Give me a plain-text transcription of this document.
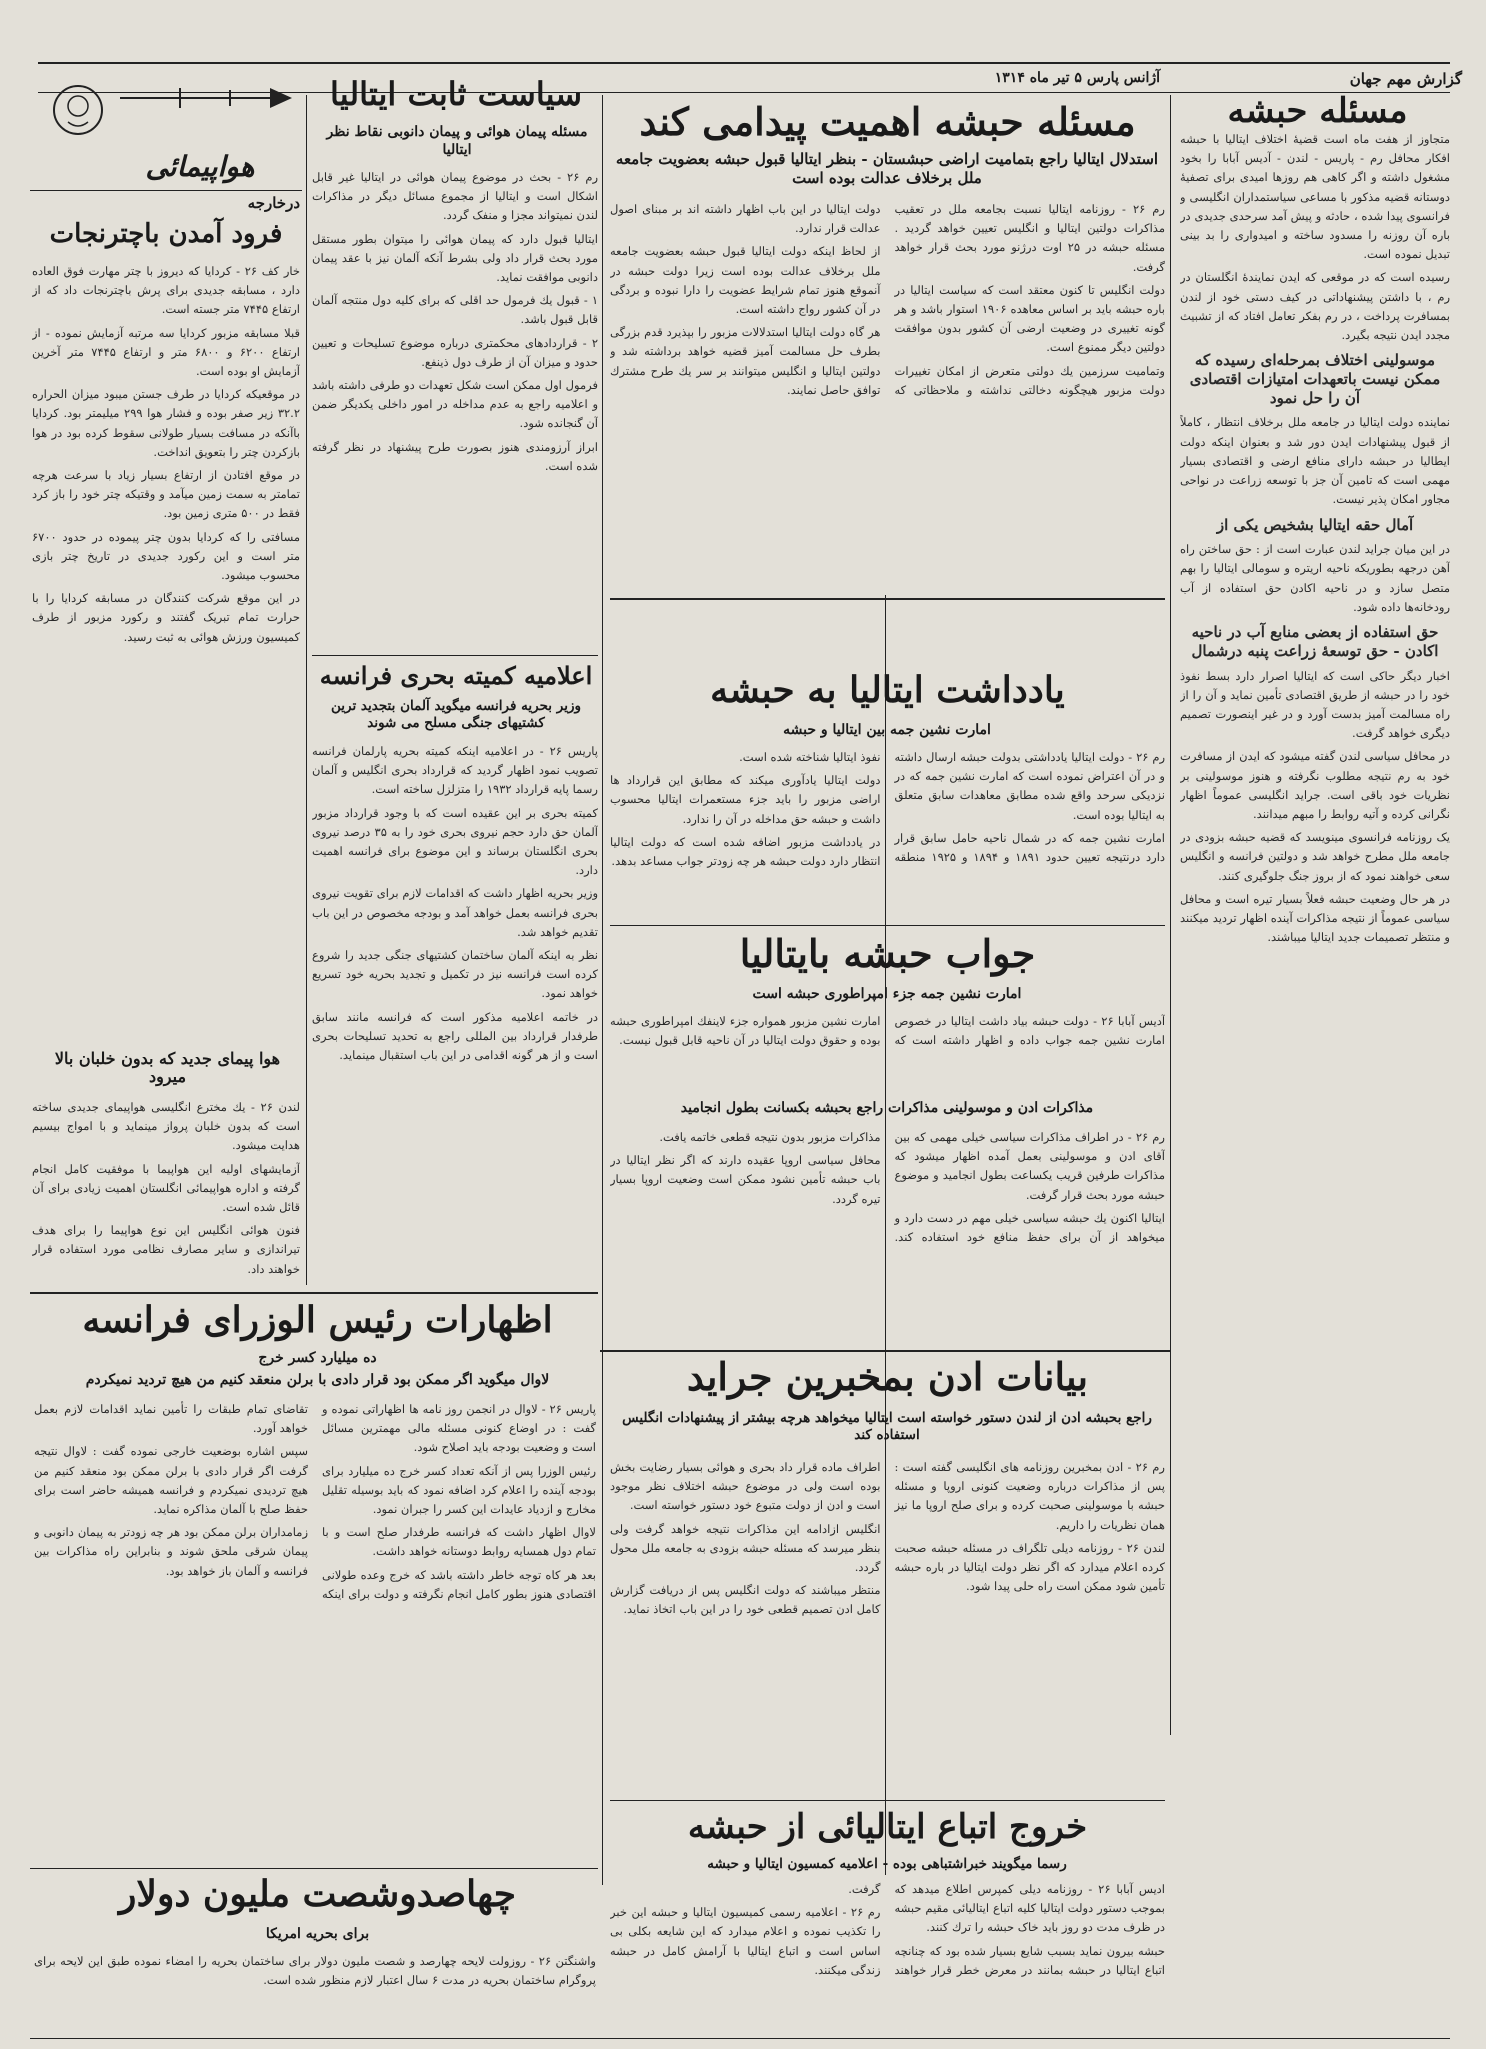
گزارش مهم جهان
آژانس پارس ۵ تیر ماه ۱۳۱۴
مسئله حبشه

متجاوز از هفت ماه است قضیهٔ اختلاف ایتالیا با حبشه افکار محافل رم - پاریس - لندن - آدیس آبابا را بخود مشغول داشته و اگر کاهی هم روزها امیدی برای تصفیهٔ دوستانه قضیه مذکور با مساعی سیاستمداران انگلیسی و فرانسوی پیدا شده ، حادثه و پیش آمد سرحدی جدیدی در باره آن روزنه را مسدود ساخته و امیدواری را بد بینی تبدیل نموده است.

رسیده است که در موقعی که ایدن نمایندهٔ انگلستان در رم ، با داشتن پیشنهاداتی در کیف دستی خود از لندن بمسافرت پرداخت ، در رم بفکر تعامل افتاد که از تشبیث مجدد ایدن نتیجه بگیرد.

موسولینی اختلاف بمرحله‌ای رسیده که ممکن نیست باتعهدات امتیازات اقتصادی آن را حل نمود

نماینده دولت ایتالیا در جامعه ملل برخلاف انتظار ، کاملاً از قبول پیشنهادات ایدن دور شد و بعنوان اینکه دولت ایطالیا در حبشه دارای منافع ارضی و اقتصادی بسیار مهمی است که تامین آن جز با توسعه زراعت در نواحی مجاور امکان پذیر نیست.

آمال حقه ایتالیا بشخیص یکی از

در این میان جراید لندن عبارت است از : حق ساختن راه آهن درجهه بطوریکه ناحیه اریتره و سومالی ایتالیا را بهم متصل سازد و در ناحیه اکادن حق استفاده از آب رودخانه‌ها داده شود.

حق استفاده از بعضی منابع آب در ناحیه اکادن - حق توسعهٔ زراعت پنبه درشمال

اخبار دیگر حاکی است که ایتالیا اصرار دارد بسط نفوذ خود را در حبشه از طریق اقتصادی تأمین نماید و آن را از راه مسالمت آمیز بدست آورد و در غیر اینصورت تصمیم دیگری خواهد گرفت.

در محافل سیاسی لندن گفته میشود که ایدن از مسافرت خود به رم نتیجه مطلوب نگرفته و هنوز موسولینی بر نظریات خود باقی است. جراید انگلیسی عموماً اظهار نگرانی کرده و آتیه روابط را مبهم میدانند.

یک روزنامه فرانسوی مینویسد که قضیه حبشه بزودی در جامعه ملل مطرح خواهد شد و دولتین فرانسه و انگلیس سعی خواهند نمود که از بروز جنگ جلوگیری کنند.

در هر حال وضعیت حبشه فعلاً بسیار تیره است و محافل سیاسی عموماً از نتیجه مذاکرات آینده اظهار تردید میکنند و منتظر تصمیمات جدید ایتالیا میباشند.

مسئله حبشه اهمیت پیدامی کند
استدلال ایتالیا راجع بتمامیت اراضی حبشستان - بنظر ایتالیا قبول حبشه بعضویت جامعه ملل برخلاف عدالت بوده است

رم ۲۶ - روزنامه ایتالیا نسبت بجامعه ملل در تعقیب مذاکرات دولتین ایتالیا و انگلیس تعیین خواهد گردید . مسئله حبشه در ۲۵ اوت درژنو مورد بحث قرار خواهد گرفت.

دولت انگلیس تا کنون معتقد است که سیاست ایتالیا در باره حبشه باید بر اساس معاهده ۱۹۰۶ استوار باشد و هر گونه تغییری در وضعیت ارضی آن کشور بدون موافقت دولتین دیگر ممنوع است.

وتمامیت سرزمین یك دولتی متعرض از امکان تغییرات دولت مزبور هیچگونه دخالتی نداشته و ملاحظاتی که دولت ایتالیا در این باب اظهار داشته اند بر مبنای اصول عدالت قرار ندارد.

از لحاظ اینکه دولت ایتالیا قبول حبشه بعضویت جامعه ملل برخلاف عدالت بوده است زیرا دولت حبشه در آنموقع هنوز تمام شرایط عضویت را دارا نبوده و بردگی در آن کشور رواج داشته است.

هر گاه دولت ایتالیا استدلالات مزبور را بپذیرد قدم بزرگی بطرف حل مسالمت آمیز قضیه خواهد برداشته شد و دولتین ایتالیا و انگلیس میتوانند بر سر یك طرح مشترك توافق حاصل نمایند.

سیاست ثابت ایتالیا
مسئله پیمان هوائی و پیمان دانوبی نقاط نظر ایتالیا

رم ۲۶ - بحث در موضوع پیمان هوائی در ایتالیا غیر قابل اشکال است و ایتالیا از مجموع مسائل دیگر در مذاکرات لندن نمیتواند مجزا و منفک گردد.

ایتالیا قبول دارد که پیمان هوائی را میتوان بطور مستقل مورد بحث قرار داد ولی بشرط آنکه آلمان نیز با عقد پیمان دانوبی موافقت نماید.

۱ - قبول یك فرمول حد اقلی که برای کلیه دول منتجه آلمان قابل قبول باشد.

۲ - قراردادهای محکمتری درباره موضوع تسلیحات و تعیین حدود و میزان آن از طرف دول ذینفع.

فرمول اول ممکن است شکل تعهدات دو طرفی داشته باشد و اعلامیه راجع به عدم مداخله در امور داخلی یکدیگر ضمن آن گنجانده شود.

ابراز آرزومندی هنوز بصورت طرح پیشنهاد در نظر گرفته شده است.

اعلامیه کمیته بحری فرانسه
وزیر بحریه فرانسه میگوید آلمان بتجدید ترین کشتیهای جنگی مسلح می شوند

پاریس ۲۶ - در اعلامیه اینکه کمیته بحریه پارلمان فرانسه تصویب نمود اظهار گردید که قرارداد بحری انگلیس و آلمان رسما پایه قرارداد ۱۹۳۲ را متزلزل ساخته است.

کمیته بحری بر این عقیده است که با وجود قرارداد مزبور آلمان حق دارد حجم نیروی بحری خود را به ۳۵ درصد نیروی بحری انگلستان برساند و این موضوع برای فرانسه اهمیت دارد.

وزیر بحریه اظهار داشت که اقدامات لازم برای تقویت نیروی بحری فرانسه بعمل خواهد آمد و بودجه مخصوص در این باب تقدیم خواهد شد.

نظر به اینکه آلمان ساختمان کشتیهای جنگی جدید را شروع کرده است فرانسه نیز در تکمیل و تجدید بحریه خود تسریع خواهد نمود.

در خاتمه اعلامیه مذکور است که فرانسه مانند سابق طرفدار قرارداد بین المللی راجع به تحدید تسلیحات بحری است و از هر گونه اقدامی در این باب استقبال مینماید.

هواپیمائی
درخارجه
فرود آمدن باچترنجات

خار کف ۲۶ - کردایا که دیروز با چتر مهارت فوق العاده دارد ، مسابقه جدیدی برای پرش باچترنجات داد که از ارتفاع ۷۴۴۵ متر جسته است.

قبلا مسابقه مزبور کردایا سه مرتبه آزمایش نموده - از ارتفاع ۶۲۰۰ و ۶۸۰۰ متر و ارتفاع ۷۴۴۵ متر آخرین آزمایش او بوده است.

در موقعیکه کردایا در طرف جستن میبود میزان الحراره ۳۲.۲ زیر صفر بوده و فشار هوا ۲۹۹ میلیمتر بود. کردایا باآنکه در مسافت بسیار طولانی سقوط کرده بود در هوا بازکردن چتر را بتعویق انداخت.

در موقع افتادن از ارتفاع بسیار زیاد با سرعت هرچه تمامتر به سمت زمین میآمد و وقتیکه چتر خود را باز کرد فقط در ۵۰۰ متری زمین بود.

مسافتی را که کردایا بدون چتر پیموده در حدود ۶۷۰۰ متر است و این رکورد جدیدی در تاریخ چتر بازی محسوب میشود.

در این موقع شرکت کنندگان در مسابقه کردایا را با حرارت تمام تبریک گفتند و رکورد مزبور از طرف کمیسیون ورزش هوائی به ثبت رسید.

هوا پیمای جدید که بدون خلبان بالا میرود

لندن ۲۶ - یك مخترع انگلیسی هواپیمای جدیدی ساخته است که بدون خلبان پرواز مینماید و با امواج بیسیم هدایت میشود.

آزمایشهای اولیه این هواپیما با موفقیت کامل انجام گرفته و اداره هواپیمائی انگلستان اهمیت زیادی برای آن قائل شده است.

فنون هوائی انگلیس این نوع هواپیما را برای هدف تیراندازی و سایر مصارف نظامی مورد استفاده قرار خواهند داد.

یادداشت ایتالیا به حبشه
امارت نشین جمه بین ایتالیا و حبشه

رم ۲۶ - دولت ایتالیا یادداشتی بدولت حبشه ارسال داشته و در آن اعتراض نموده است که امارت نشین جمه که در نزدیکی سرحد واقع شده مطابق معاهدات سابق متعلق به ایتالیا بوده است.

امارت نشین جمه که در شمال ناحیه حامل سابق قرار دارد درنتیجه تعیین حدود ۱۸۹۱ و ۱۸۹۴ و ۱۹۲۵ منطقه نفوذ ایتالیا شناخته شده است.

دولت ایتالیا یادآوری میکند که مطابق این قرارداد ها اراضی مزبور را باید جزء مستعمرات ایتالیا محسوب داشت و حبشه حق مداخله در آن را ندارد.

در یادداشت مزبور اضافه شده است که دولت ایتالیا انتظار دارد دولت حبشه هر چه زودتر جواب مساعد بدهد.

جواب حبشه بایتالیا
امارت نشین جمه جزء امپراطوری حبشه است

آدیس آبابا ۲۶ - دولت حبشه بیاد داشت ایتالیا در خصوص امارت نشین جمه جواب داده و اظهار داشته است که امارت نشین مزبور همواره جزء لاینفك امپراطوری حبشه بوده و حقوق دولت ایتالیا در آن ناحیه قابل قبول نیست.

مذاکرات ادن و موسولینی مذاکرات راجع بحبشه بکسانت بطول انجامید

رم ۲۶ - در اطراف مذاکرات سیاسی خیلی مهمی که بین آقای ادن و موسولینی بعمل آمده اظهار میشود که مذاکرات طرفین قریب یکساعت بطول انجامید و موضوع حبشه مورد بحث قرار گرفت.

ایتالیا اکنون یك حبشه سیاسی خیلی مهم در دست دارد و میخواهد از آن برای حفظ منافع خود استفاده کند. مذاکرات مزبور بدون نتیجه قطعی خاتمه یافت.

محافل سیاسی اروپا عقیده دارند که اگر نظر ایتالیا در باب حبشه تأمین نشود ممکن است وضعیت اروپا بسیار تیره گردد.

بیانات ادن بمخبرین جراید
راجع بحبشه ادن از لندن دستور خواسته است ایتالیا میخواهد هرچه بیشتر از پیشنهادات انگلیس استفاده کند

رم ۲۶ - ادن بمخبرین روزنامه های انگلیسی گفته است : پس از مذاکرات درباره وضعیت کنونی اروپا و مسئله حبشه با موسولینی صحبت کرده و برای صلح اروپا ما نیز همان نظریات را داریم.

لندن ۲۶ - روزنامه دیلی تلگراف در مسئله حبشه صحبت کرده اعلام میدارد که اگر نظر دولت ایتالیا در باره حبشه تأمین شود ممکن است راه حلی پیدا شود.

اطراف ماده قرار داد بحری و هوائی بسیار رضایت بخش بوده است ولی در موضوع حبشه اختلاف نظر موجود است و ادن از دولت متبوع خود دستور خواسته است.

انگلیس ازادامه این مذاکرات نتیجه خواهد گرفت ولی بنظر میرسد که مسئله حبشه بزودی به جامعه ملل محول گردد.

منتظر میباشند که دولت انگلیس پس از دریافت گزارش کامل ادن تصمیم قطعی خود را در این باب اتخاذ نماید.

خروج اتباع ایتالیائی از حبشه
رسما میگویند خبراشتباهی بوده - اعلامیه کمسیون ایتالیا و حبشه

ادیس آبابا ۲۶ - روزنامه دیلی کمپرس اطلاع میدهد که بموجب دستور دولت ایتالیا کلیه اتباع ایتالیائی مقیم حبشه در ظرف مدت دو روز باید خاک حبشه را ترك کنند.

حبشه بیرون نماید بسبب شایع بسیار شده بود که چنانچه اتباع ایتالیا در حبشه بمانند در معرض خطر قرار خواهند گرفت.

رم ۲۶ - اعلامیه رسمی کمیسیون ایتالیا و حبشه این خبر را تکذیب نموده و اعلام میدارد که این شایعه بکلی بی اساس است و اتباع ایتالیا با آرامش کامل در حبشه زندگی میکنند.

اظهارات رئیس الوزرای فرانسه
ده میلیارد کسر خرج
لاوال میگوید اگر ممکن بود قرار دادی با برلن منعقد کنیم من هیچ تردید نمیکردم

پاریس ۲۶ - لاوال در انجمن روز نامه ها اظهاراتی نموده و گفت : در اوضاع کنونی مسئله مالی مهمترین مسائل است و وضعیت بودجه باید اصلاح شود.

رئیس الوزرا پس از آنکه تعداد کسر خرج ده میلیارد برای بودجه آینده را اعلام کرد اضافه نمود که باید بوسیله تقلیل مخارج و ازدیاد عایدات این کسر را جبران نمود.

لاوال اظهار داشت که فرانسه طرفدار صلح است و با تمام دول همسایه روابط دوستانه خواهد داشت.

بعد هر کاه توجه خاطر داشته باشد که خرج وعده طولانی اقتصادی هنوز بطور کامل انجام نگرفته و دولت برای اینکه تقاضای تمام طبقات را تأمین نماید اقدامات لازم بعمل خواهد آورد.

سپس اشاره بوضعیت خارجی نموده گفت : لاوال نتیجه گرفت اگر قرار دادی با برلن ممکن بود منعقد کنیم من هیچ تردیدی نمیکردم و فرانسه همیشه حاضر است برای حفظ صلح با آلمان مذاکره نماید.

زمامداران برلن ممکن بود هر چه زودتر به پیمان دانوبی و پیمان شرقی ملحق شوند و بنابراین راه مذاکرات بین فرانسه و آلمان باز خواهد بود.

چهاصدوشصت ملیون دولار
برای بحریه امریکا

واشنگتن ۲۶ - روزولت لایحه چهارصد و شصت ملیون دولار برای ساختمان بحریه را امضاء نموده طبق این لایحه برای پروگرام ساختمان بحریه در مدت ۶ سال اعتبار لازم منظور شده است.
